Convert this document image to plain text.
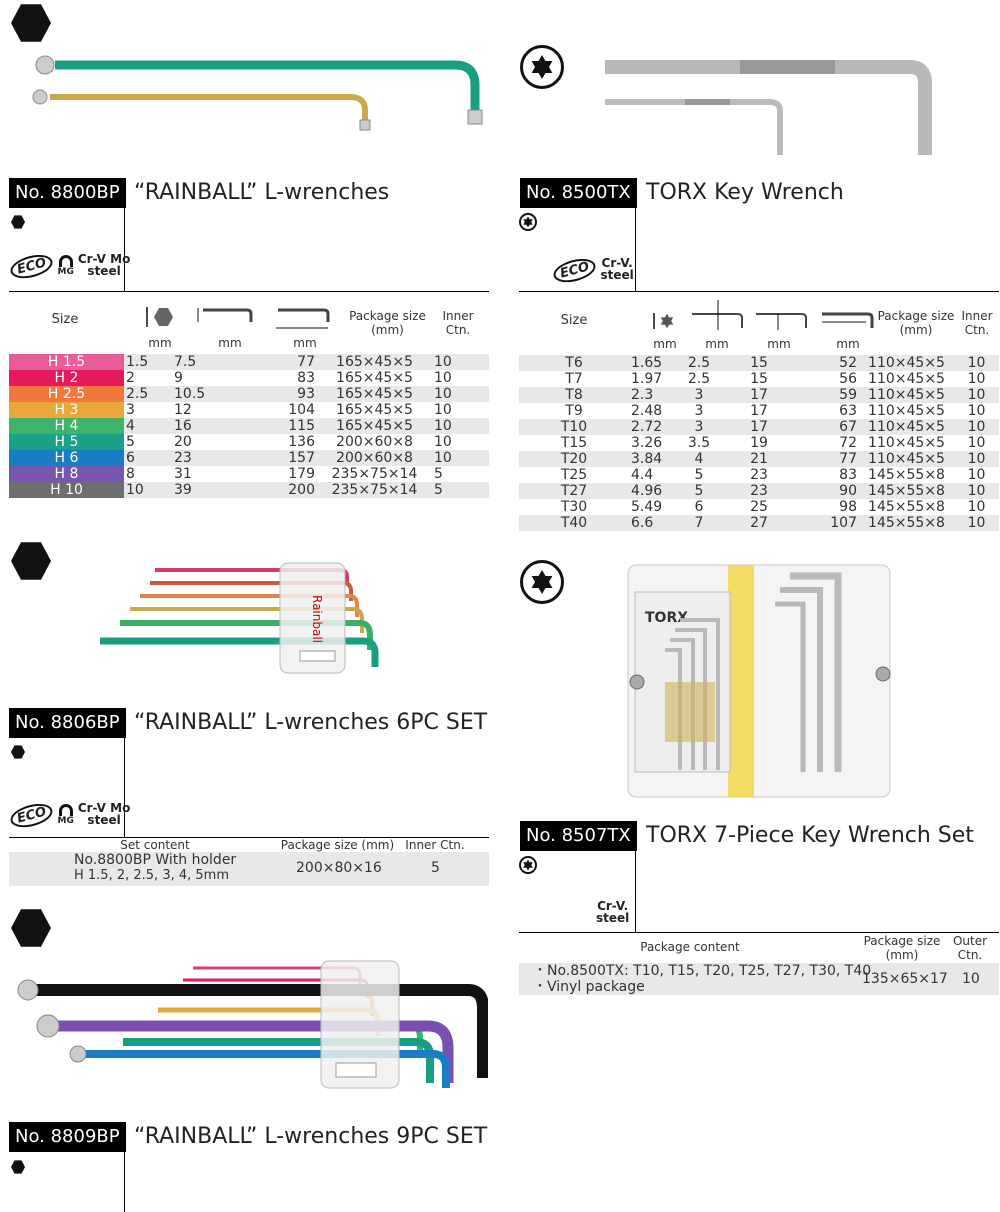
No. 8800BP “RAINBALL” L-wrenches
ECO	MG
Cr-V Mo
steel
Size
mm	mm	mm
Package size
(mm)
Inner
Ctn.
H 1.5	1.5	7.5	77	165×45×5	10
H 2	2	9	83	165×45×5	10
H 2.5	2.5	10.5	93	165×45×5	10
H 3	3	12	104	165×45×5	10
H 4	4	16	115	165×45×5	10
H 5	5	20	136	200×60×8	10
H 6	6	23	157	200×60×8	10
H 8	8	31	179	235×75×14	5
H 10	10	39	200	235×75×14	5
No. 8500TX TORX Key Wrench
ECO Cr-V.
steel
Size
mm mm	mm	mm
Package size
(mm)
Inner
Ctn.
T6	1.65	2.5	15	52	110×45×5	10
T7	1.97	2.5	15	56	110×45×5	10
T8	2.3	3	17	59	110×45×5	10
T9	2.48	3	17	63	110×45×5	10
T10	2.72	3	17	67	110×45×5	10
T15	3.26	3.5	19	72	110×45×5	10
T20	3.84	4	21	77	110×45×5	10
T25	4.4	5	23	83	145×55×8	10
T27	4.96	5	23	90	145×55×8	10
T30	5.49	6	25	98	145×55×8	10
T40	6.6	7	27	107	145×55×8	10
Rainball
No. 8806BP “RAINBALL” L-wrenches 6PC SET
ECO	MG
Cr-V Mo
steel
Set content	Package size (mm) Inner Ctn.
No.8800BP With holder
H 1.5, 2, 2.5, 3, 4, 5mm	200×80×16	5
TORX
No. 8507TX TORX 7-Piece Key Wrench Set
Cr-V.
steel
Package content	Package size
(mm)
Outer
Ctn.
・No.8500TX: T10, T15, T20, T25, T27, T30, T40
・Vinyl package	135×65×17 10
No. 8809BP “RAINBALL” L-wrenches 9PC SET
